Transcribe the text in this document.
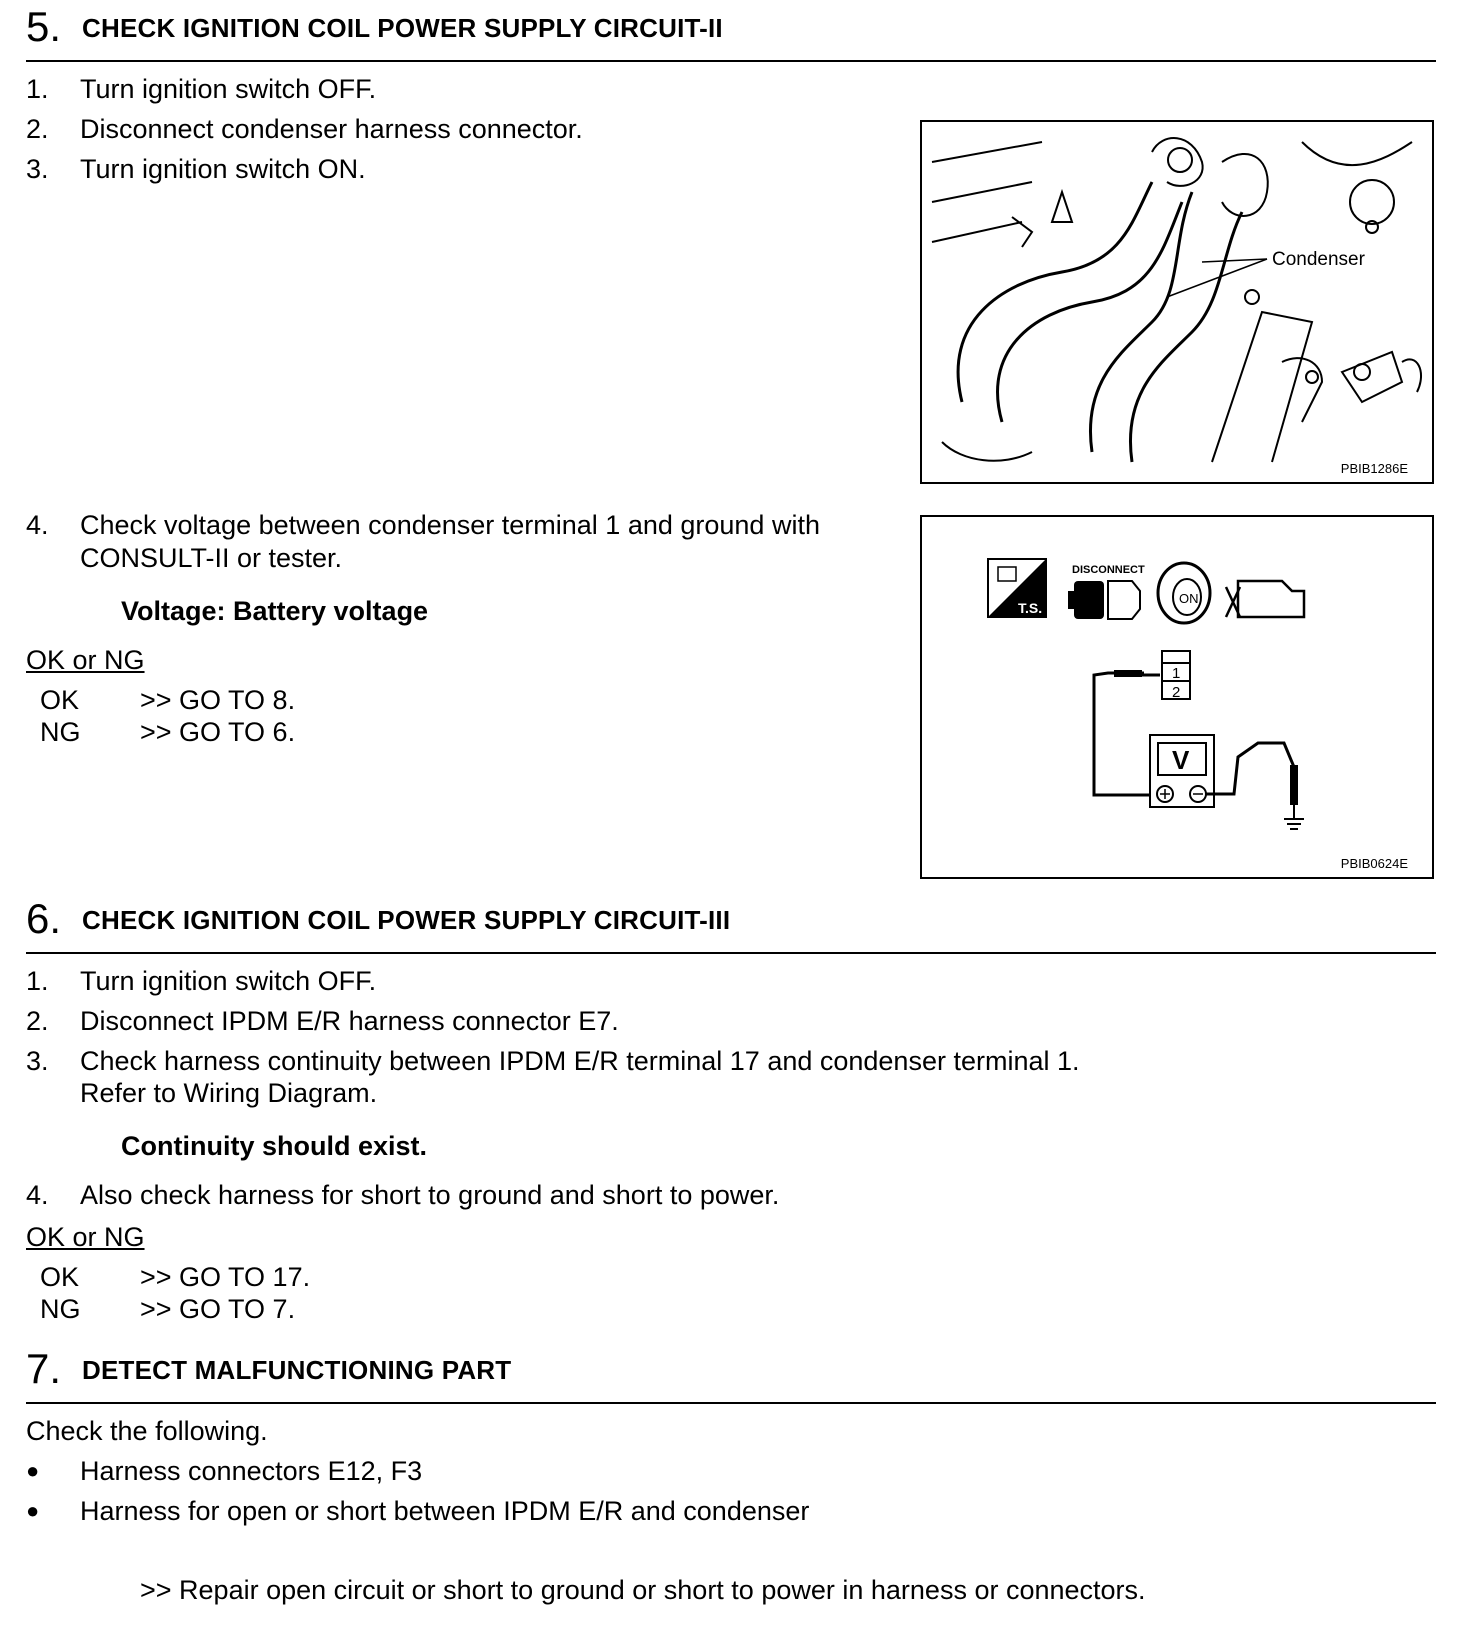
5. CHECK IGNITION COIL POWER SUPPLY CIRCUIT-II
1. Turn ignition switch OFF.
2. Disconnect condenser harness connector.
3. Turn ignition switch ON.
Condenser
PBIB1286E
4. Check voltage between condenser terminal 1 and ground with
CONSULT-II or tester.
Voltage: Battery voltage
OK or NG
OK >> GO TO 8.
NG >> GO TO 6.
T.S.
DISCONNECT
ON
1
2
V
PBIB0624E
6. CHECK IGNITION COIL POWER SUPPLY CIRCUIT-III
1. Turn ignition switch OFF.
2. Disconnect IPDM E/R harness connector E7.
3. Check harness continuity between IPDM E/R terminal 17 and condenser terminal 1.
Refer to Wiring Diagram.
Continuity should exist.
4. Also check harness for short to ground and short to power.
OK or NG
OK >> GO TO 17.
NG >> GO TO 7.
7. DETECT MALFUNCTIONING PART
Check the following.
● Harness connectors E12, F3
● Harness for open or short between IPDM E/R and condenser
>> Repair open circuit or short to ground or short to power in harness or connectors.
